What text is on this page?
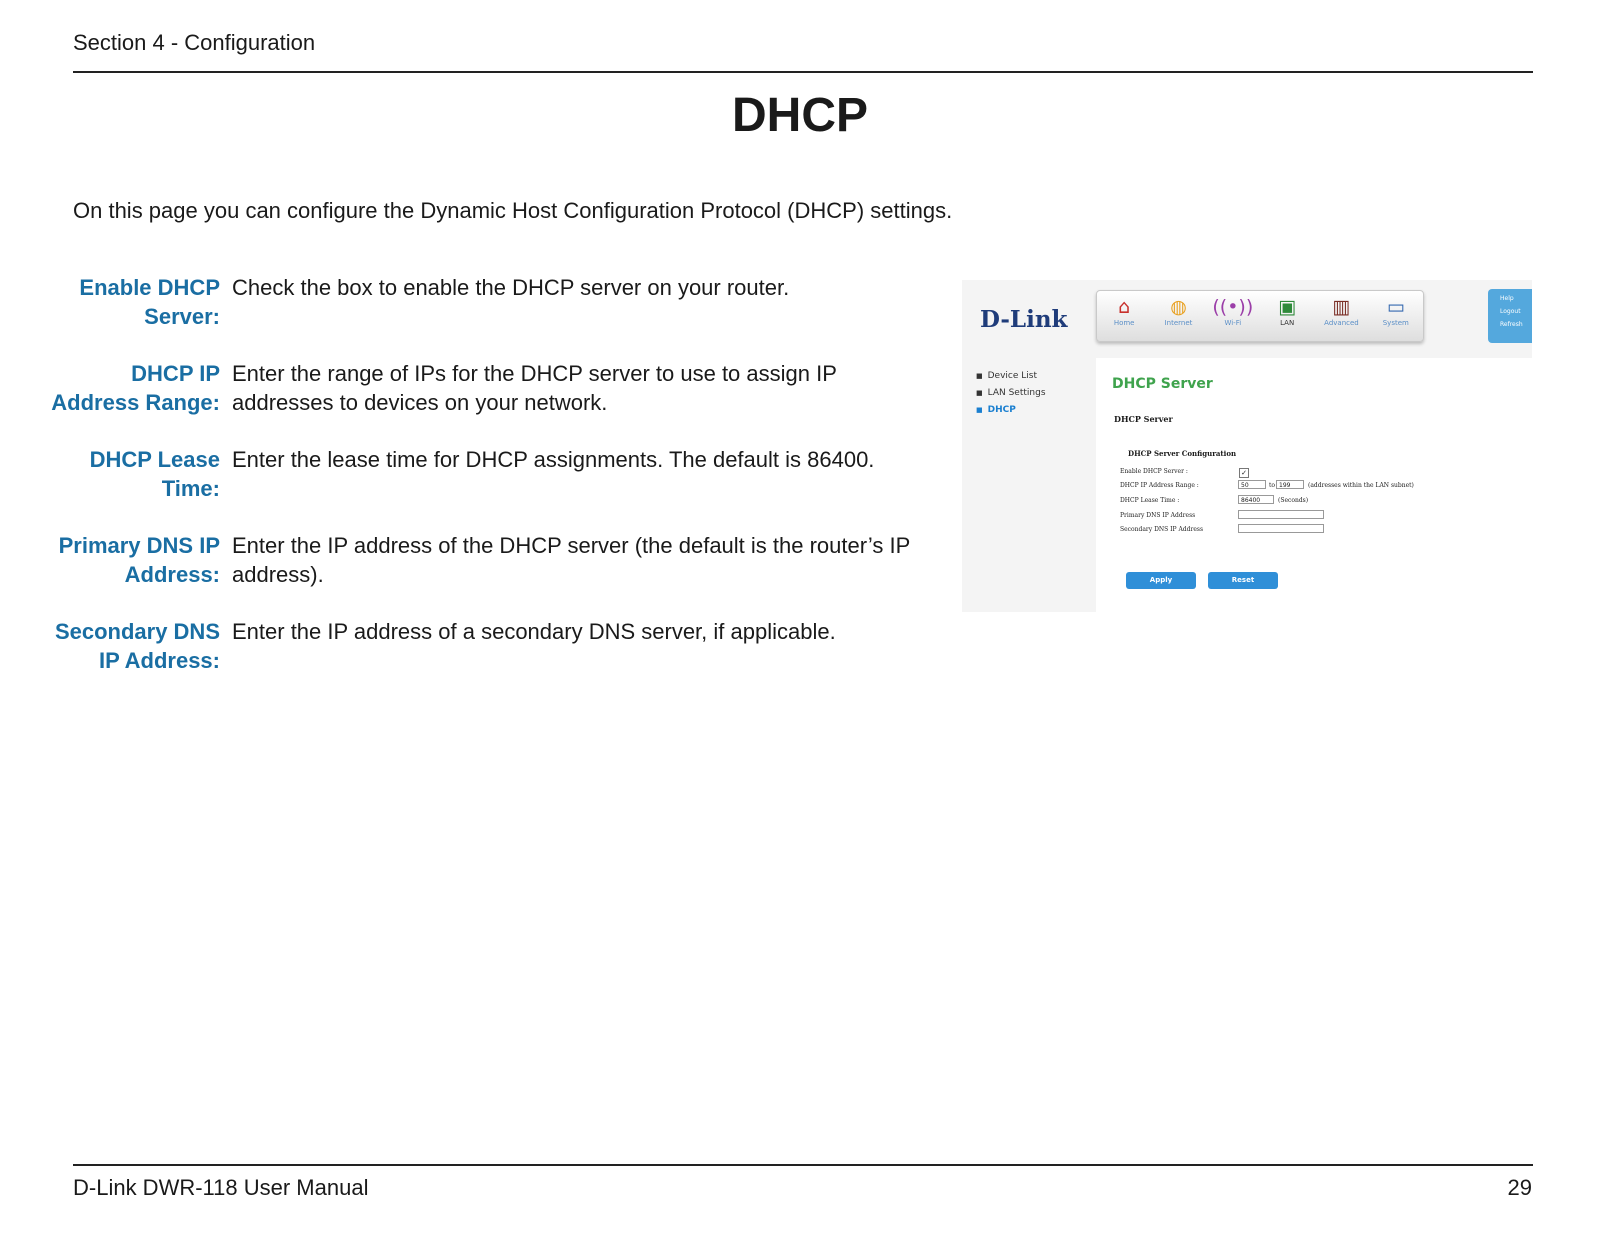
Section 4 - Configuration
DHCP
On this page you can configure the Dynamic Host Configuration Protocol (DHCP) settings.
Enable DHCP Server:
Check the box to enable the DHCP server on your router.
DHCP IP Address Range:
Enter the range of IPs for the DHCP server to use to assign IP addresses to devices on your network.
DHCP Lease Time:
Enter the lease time for DHCP assignments. The default is 86400.
Primary DNS IP Address:
Enter the IP address of the DHCP server (the default is the router’s IP address).
Secondary DNS IP Address:
Enter the IP address of a secondary DNS server, if applicable.
D-Link	⌂
Home
◍
Internet
((•))
Wi-Fi
▣
LAN
▥
Advanced
▭
System
Help
Logout
Refresh
■ Device List
■ LAN Settings
■ DHCP
DHCP Server
DHCP Server
DHCP Server Configuration
Enable DHCP Server :	✓
DHCP IP Address Range :	50	to 199	(addresses within the LAN subnet)
DHCP Lease Time :	86400	(Seconds)
Primary DNS IP Address
Secondary DNS IP Address
Apply	Reset
D-Link DWR-118 User Manual	29
